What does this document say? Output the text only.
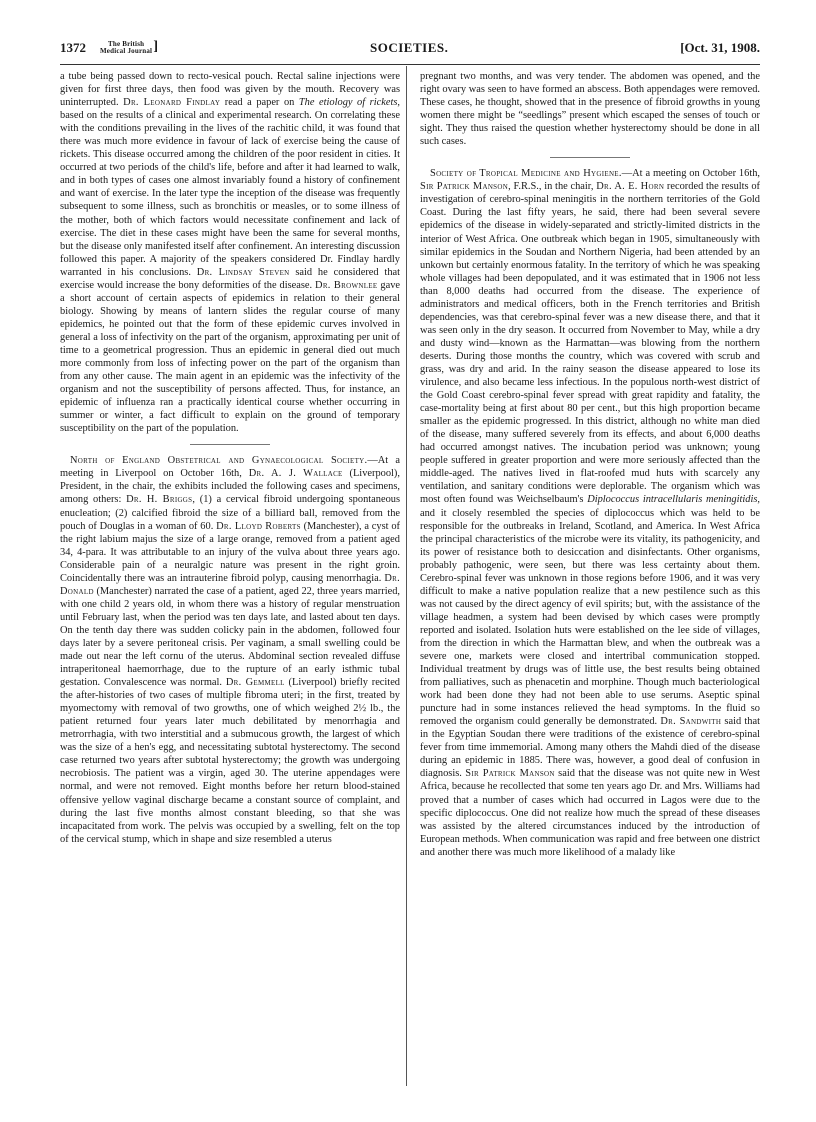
1372	The British
Medical Journal ]	SOCIETIES.	[Oct. 31, 1908.

a tube being passed down to recto-vesical pouch. Rectal saline injections were given for first three days, then food was given by the mouth. Recovery was uninterrupted. Dr. Leonard Findlay read a paper on The etiology of rickets, based on the results of a clinical and experimental research. On correlating these with the conditions prevailing in the lives of the rachitic child, it was found that there was much more evidence in favour of lack of exercise being the cause of rickets. This disease occurred among the children of the poor resident in cities. It occurred at two periods of the child's life, before and after it had learned to walk, and in both types of cases one almost invariably found a history of confinement and want of exercise. In the later type the inception of the disease was frequently subsequent to some illness, such as bronchitis or measles, or to some illness of the mother, both of which factors would necessitate confinement and lack of exercise. The diet in these cases might have been the same for several months, but the disease only manifested itself after confinement. An interesting discussion followed this paper. A majority of the speakers considered Dr. Findlay hardly warranted in his conclusions. Dr. Lindsay Steven said he considered that exercise would increase the bony deformities of the disease. Dr. Brownlee gave a short account of certain aspects of epidemics in relation to their general biology. Showing by means of lantern slides the regular course of many epidemics, he pointed out that the form of these epidemic curves involved in general a loss of infectivity on the part of the organism, approximating per unit of time to a geometrical progression. Thus an epidemic in general died out much more commonly from loss of infecting power on the part of the organism than from any other cause. The main agent in an epidemic was the infectivity of the organism and not the susceptibility of persons affected. Thus, for instance, an epidemic of influenza ran a practically identical course whether occurring in summer or winter, a fact difficult to explain on the ground of temporary susceptibility on the part of the population.

North of England Obstetrical and Gynaecological Society.—At a meeting in Liverpool on October 16th, Dr. A. J. Wallace (Liverpool), President, in the chair, the exhibits included the following cases and specimens, among others: Dr. H. Briggs, (1) a cervical fibroid undergoing spontaneous enucleation; (2) calcified fibroid the size of a billiard ball, removed from the pouch of Douglas in a woman of 60. Dr. Lloyd Roberts (Manchester), a cyst of the right labium majus the size of a large orange, removed from a patient aged 34, 4-para. It was attributable to an injury of the vulva about three years ago. Considerable pain of a neuralgic nature was present in the right groin. Coincidentally there was an intrauterine fibroid polyp, causing menorrhagia. Dr. Donald (Manchester) narrated the case of a patient, aged 22, three years married, with one child 2 years old, in whom there was a history of regular menstruation until February last, when the period was ten days late, and lasted about ten days. On the tenth day there was sudden colicky pain in the abdomen, followed four days later by a severe peritoneal crisis. Per vaginam, a small swelling could be made out near the left cornu of the uterus. Abdominal section revealed diffuse intraperitoneal haemorrhage, due to the rupture of an early isthmic tubal gestation. Convalescence was normal. Dr. Gemmell (Liverpool) briefly recited the after-histories of two cases of multiple fibroma uteri; in the first, treated by myomectomy with removal of two growths, one of which weighed 2½ lb., the patient returned four years later much debilitated by menorrhagia and metrorrhagia, with two interstitial and a submucous growth, the largest of which was the size of a hen's egg, and necessitating subtotal hysterectomy. The second case returned two years after subtotal hysterectomy; the growth was undergoing necrobiosis. The patient was a virgin, aged 30. The uterine appendages were normal, and were not removed. Eight months before her return blood-stained offensive yellow vaginal discharge became a constant source of complaint, and during the last five months almost constant bleeding, so that she was incapacitated from work. The pelvis was occupied by a swelling, felt on the top of the cervical stump, which in shape and size resembled a uterus

pregnant two months, and was very tender. The abdomen was opened, and the right ovary was seen to have formed an abscess. Both appendages were removed. These cases, he thought, showed that in the presence of fibroid growths in young women there might be “seedlings” present which escaped the senses of touch or sight. They thus raised the question whether hysterectomy should be done in all such cases.

Society of Tropical Medicine and Hygiene.—At a meeting on October 16th, Sir Patrick Manson, F.R.S., in the chair, Dr. A. E. Horn recorded the results of investigation of cerebro-spinal meningitis in the northern territories of the Gold Coast. During the last fifty years, he said, there had been several severe epidemics of the disease in widely-separated and strictly-limited districts in the interior of West Africa. One outbreak which began in 1905, simultaneously with similar epidemics in the Soudan and Northern Nigeria, had been attended by an unkown but certainly enormous fatality. In the territory of which he was speaking whole villages had been depopulated, and it was estimated that in 1906 not less than 8,000 deaths had occurred from the disease. The experience of administrators and medical officers, both in the French territories and British dependencies, was that cerebro-spinal fever was a new disease there, and that it was seen only in the dry season. It occurred from November to May, while a dry and dusty wind—known as the Harmattan—was blowing from the northern deserts. During those months the country, which was covered with scrub and grass, was dry and arid. In the rainy season the disease appeared to lose its virulence, and also became less infectious. In the populous north-west district of the Gold Coast cerebro-spinal fever spread with great rapidity and fatality, the case-mortality being at first about 80 per cent., but this high proportion became smaller as the epidemic progressed. In this district, although no white man died of the disease, many suffered severely from its effects, and about 6,000 deaths had occurred amongst natives. The incubation period was unknown; young people suffered in greater proportion and were more seriously affected than the middle-aged. The natives lived in flat-roofed mud huts with scarcely any ventilation, and sanitary conditions were deplorable. The organism which was most often found was Weichselbaum's Diplococcus intracellularis meningitidis, and it closely resembled the species of diplococcus which was held to be responsible for the outbreaks in Ireland, Scotland, and America. In West Africa the principal characteristics of the microbe were its vitality, its pathogenicity, and its power of resistance both to desiccation and disinfectants. Other organisms, probably pathogenic, were seen, but there was less certainty about them. Cerebro-spinal fever was unknown in those regions before 1906, and it was very difficult to make a native population realize that a new pestilence such as this was not caused by the direct agency of evil spirits; but, with the assistance of the village headmen, a system had been devised by which cases were promptly reported and isolated. Isolation huts were established on the lee side of villages, from the direction in which the Harmattan blew, and when the outbreak was a severe one, markets were closed and intertribal communication stopped. Individual treatment by drugs was of little use, the best results being obtained from palliatives, such as phenacetin and morphine. Though much bacteriological work had been done they had not been able to use serums. Aseptic spinal puncture had in some instances relieved the head symptoms. In the fluid so removed the organism could generally be demonstrated. Dr. Sandwith said that in the Egyptian Soudan there were traditions of the existence of cerebro-spinal fever from time immemorial. Among many others the Mahdi died of the disease during an epidemic in 1885. There was, however, a good deal of confusion in diagnosis. Sir Patrick Manson said that the disease was not quite new in West Africa, because he recollected that some ten years ago Dr. and Mrs. Williams had proved that a number of cases which had occurred in Lagos were due to the specific diplococcus. One did not realize how much the spread of these diseases was assisted by the altered circumstances induced by the introduction of European methods. When communication was rapid and free between one district and another there was much more likelihood of a malady like
